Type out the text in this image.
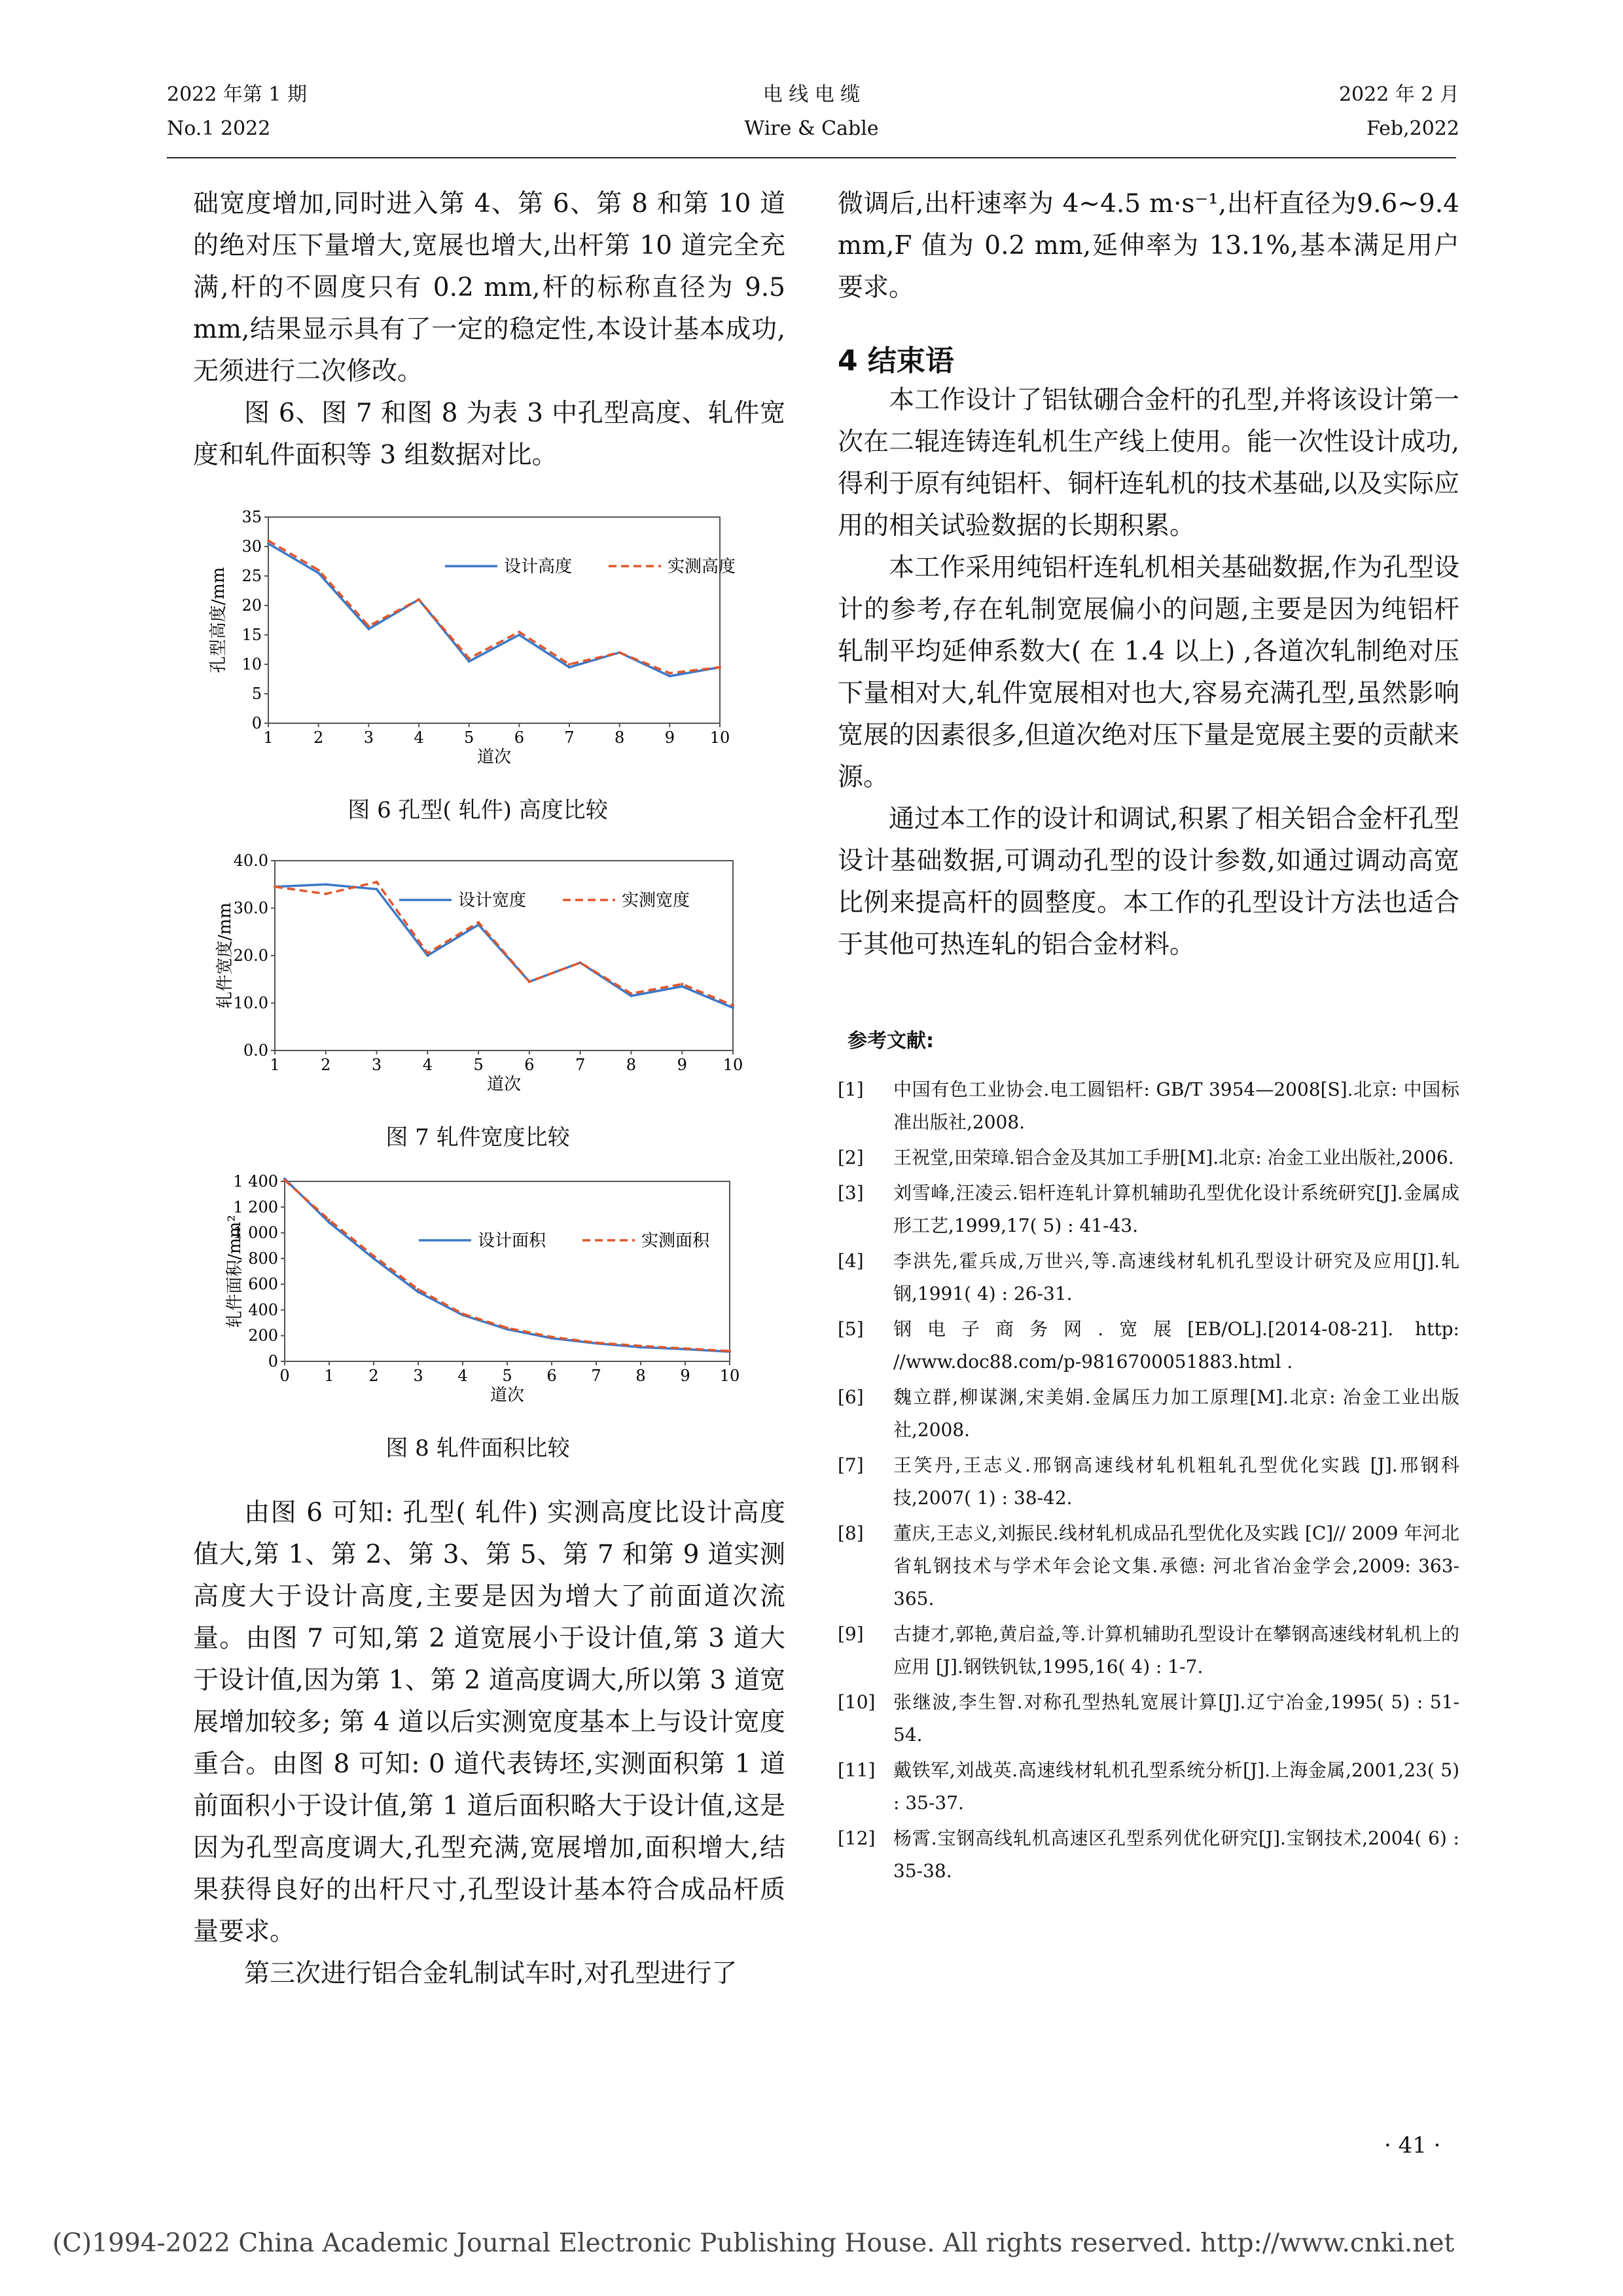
2022 年第 1 期
No.1 2022
电 线 电 缆
Wire & Cable
2022 年 2 月
Feb,2022

础宽度增加,同时进入第 4、第 6、第 8 和第 10 道的绝对压下量增大,宽展也增大,出杆第 10 道完全充满,杆的不圆度只有 0.2 mm,杆的标称直径为 9.5 mm,结果显示具有了一定的稳定性,本设计基本成功,无须进行二次修改。

图 6、图 7 和图 8 为表 3 中孔型高度、轧件宽度和轧件面积等 3 组数据对比。

0
5
10
15
20
25
30
35
1	2	3	4	5	6	7	8	9 10
道次
孔型高度/mm
设计高度	实测高度
图 6 孔型( 轧件) 高度比较
0.0
10.0
20.0
30.0
40.0
1	2	3	4	5	6	7	8	9 10
道次
轧件宽度/mm
设计宽度	实测宽度
图 7 轧件宽度比较
0
200
400
600
800
1 000
1 200
1 400
0 1 2 3 4 5 6 7 8 9 10
道次
轧件面积/mm²	设计面积	实测面积
图 8 轧件面积比较

由图 6 可知: 孔型( 轧件) 实测高度比设计高度值大,第 1、第 2、第 3、第 5、第 7 和第 9 道实测高度大于设计高度,主要是因为增大了前面道次流量。由图 7 可知,第 2 道宽展小于设计值,第 3 道大于设计值,因为第 1、第 2 道高度调大,所以第 3 道宽展增加较多; 第 4 道以后实测宽度基本上与设计宽度重合。由图 8 可知: 0 道代表铸坯,实测面积第 1 道前面积小于设计值,第 1 道后面积略大于设计值,这是因为孔型高度调大,孔型充满,宽展增加,面积增大,结果获得良好的出杆尺寸,孔型设计基本符合成品杆质量要求。

第三次进行铝合金轧制试车时,对孔型进行了

微调后,出杆速率为 4~4.5 m·s⁻¹,出杆直径为9.6~9.4 mm,F 值为 0.2 mm,延伸率为 13.1%,基本满足用户要求。

4 结束语

本工作设计了铝钛硼合金杆的孔型,并将该设计第一次在二辊连铸连轧机生产线上使用。能一次性设计成功,得利于原有纯铝杆、铜杆连轧机的技术基础,以及实际应用的相关试验数据的长期积累。

本工作采用纯铝杆连轧机相关基础数据,作为孔型设计的参考,存在轧制宽展偏小的问题,主要是因为纯铝杆轧制平均延伸系数大( 在 1.4 以上) ,各道次轧制绝对压下量相对大,轧件宽展相对也大,容易充满孔型,虽然影响宽展的因素很多,但道次绝对压下量是宽展主要的贡献来源。

通过本工作的设计和调试,积累了相关铝合金杆孔型设计基础数据,可调动孔型的设计参数,如通过调动高宽比例来提高杆的圆整度。本工作的孔型设计方法也适合于其他可热连轧的铝合金材料。

参考文献:
[1]	中国有色工业协会.电工圆铝杆: GB/T 3954—2008[S].北京: 中国标准出版社,2008.
[2]	王祝堂,田荣璋.铝合金及其加工手册[M].北京: 冶金工业出版社,2006.
[3]	刘雪峰,汪凌云.铝杆连轧计算机辅助孔型优化设计系统研究[J].金属成形工艺,1999,17( 5) : 41-43.
[4]	李洪先,霍兵成,万世兴,等.高速线材轧机孔型设计研究及应用[J].轧钢,1991( 4) : 26-31.
[5]	钢电子商务网.宽展[EB/OL].[2014-08-21]. http: //www.doc88.com/p-9816700051883.html .
[6]	魏立群,柳谋渊,宋美娟.金属压力加工原理[M].北京: 冶金工业出版社,2008.
[7]	王笑丹,王志义.邢钢高速线材轧机粗轧孔型优化实践 [J].邢钢科技,2007( 1) : 38-42.
[8]	董庆,王志义,刘振民.线材轧机成品孔型优化及实践 [C]// 2009 年河北省轧钢技术与学术年会论文集.承德: 河北省冶金学会,2009: 363-365.
[9]	古捷才,郭艳,黄启益,等.计算机辅助孔型设计在攀钢高速线材轧机上的应用 [J].钢铁钒钛,1995,16( 4) : 1-7.
[10] 张继波,李生智.对称孔型热轧宽展计算[J].辽宁冶金,1995( 5) : 51-54.
[11] 戴铁军,刘战英.高速线材轧机孔型系统分析[J].上海金属,2001,23( 5) : 35-37.
[12] 杨霄.宝钢高线轧机高速区孔型系列优化研究[J].宝钢技术,2004( 6) : 35-38.
· 41 ·
(C)1994-2022 China Academic Journal Electronic Publishing House. All rights reserved. http://www.cnki.net
